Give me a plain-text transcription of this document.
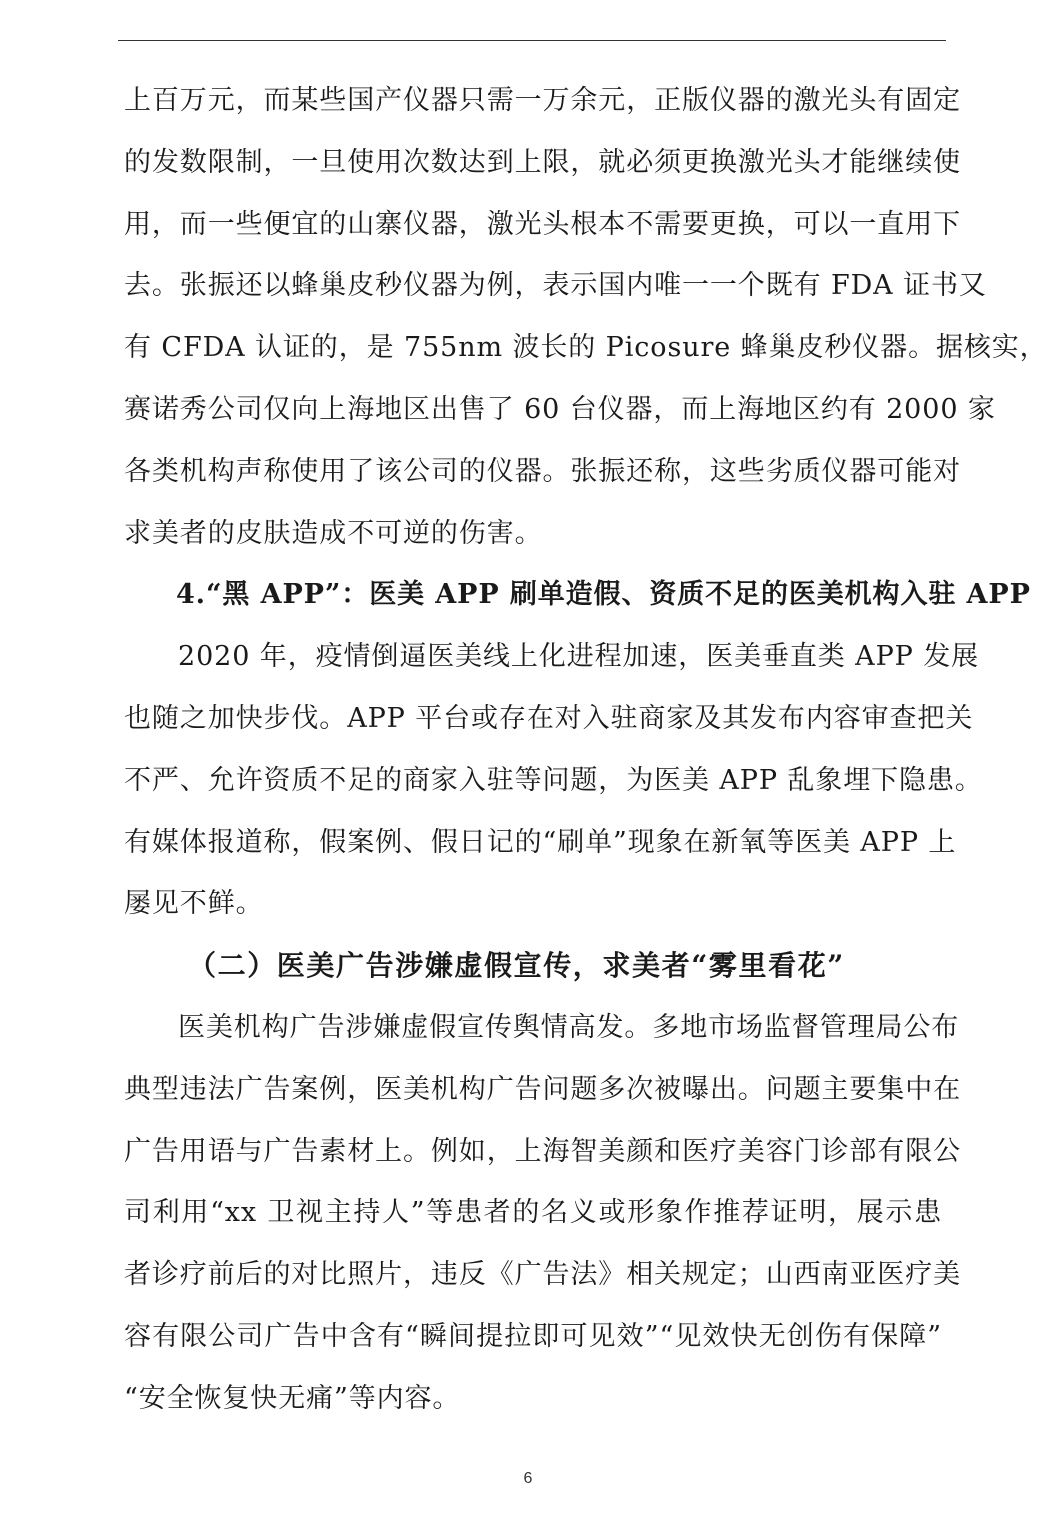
上百万元，而某些国产仪器只需一万余元，正版仪器的激光头有固定
的发数限制，一旦使用次数达到上限，就必须更换激光头才能继续使
用，而一些便宜的山寨仪器，激光头根本不需要更换，可以一直用下
去。张振还以蜂巢皮秒仪器为例，表示国内唯一一个既有 FDA 证书又
有 CFDA 认证的，是 755nm 波长的 Picosure 蜂巢皮秒仪器。据核实，
赛诺秀公司仅向上海地区出售了 60 台仪器，而上海地区约有 2000 家
各类机构声称使用了该公司的仪器。张振还称，这些劣质仪器可能对
求美者的皮肤造成不可逆的伤害。
4.“黑 APP”：医美 APP 刷单造假、资质不足的医美机构入驻 APP
2020 年，疫情倒逼医美线上化进程加速，医美垂直类 APP 发展
也随之加快步伐。APP 平台或存在对入驻商家及其发布内容审查把关
不严、允许资质不足的商家入驻等问题，为医美 APP 乱象埋下隐患。
有媒体报道称，假案例、假日记的“刷单”现象在新氧等医美 APP 上
屡见不鲜。
（二）医美广告涉嫌虚假宣传，求美者“雾里看花”
医美机构广告涉嫌虚假宣传舆情高发。多地市场监督管理局公布
典型违法广告案例，医美机构广告问题多次被曝出。问题主要集中在
广告用语与广告素材上。例如，上海智美颜和医疗美容门诊部有限公
司利用“xx 卫视主持人”等患者的名义或形象作推荐证明，展示患
者诊疗前后的对比照片，违反《广告法》相关规定；山西南亚医疗美
容有限公司广告中含有“瞬间提拉即可见效”“见效快无创伤有保障”
“安全恢复快无痛”等内容。
6
